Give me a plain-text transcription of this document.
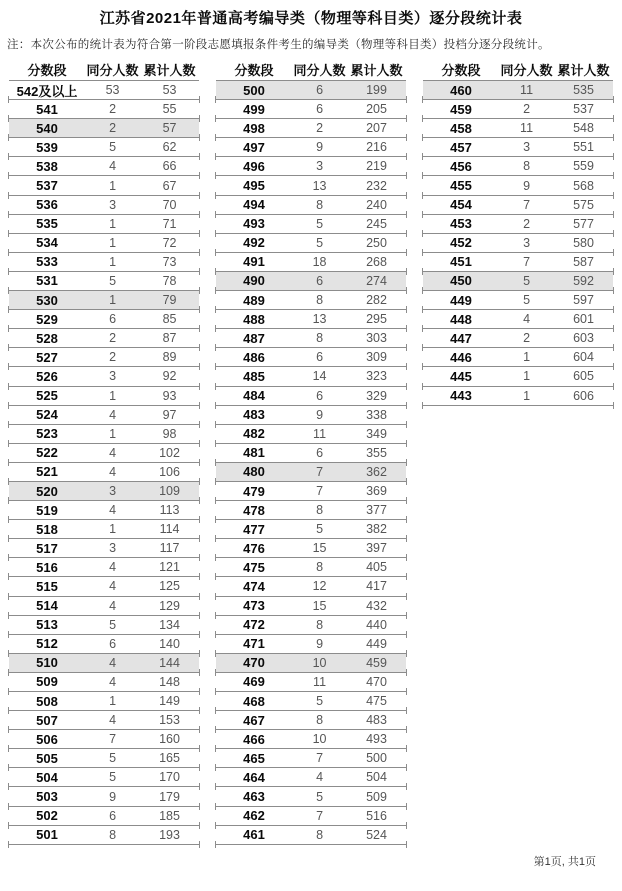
江苏省2021年普通高考编导类（物理等科目类）逐分段统计表
注：本次公布的统计表为符合第一阶段志愿填报条件考生的编导类（物理等科目类）投档分逐分段统计。
分数段	同分人数 累计人数
542及以上	53	53
541	2	55
540	2	57
539	5	62
538	4	66
537	1	67
536	3	70
535	1	71
534	1	72
533	1	73
531	5	78
530	1	79
529	6	85
528	2	87
527	2	89
526	3	92
525	1	93
524	4	97
523	1	98
522	4	102
521	4	106
520	3	109
519	4	113
518	1	114
517	3	117
516	4	121
515	4	125
514	4	129
513	5	134
512	6	140
510	4	144
509	4	148
508	1	149
507	4	153
506	7	160
505	5	165
504	5	170
503	9	179
502	6	185
501	8	193
分数段	同分人数 累计人数
500	6	199
499	6	205
498	2	207
497	9	216
496	3	219
495	13	232
494	8	240
493	5	245
492	5	250
491	18	268
490	6	274
489	8	282
488	13	295
487	8	303
486	6	309
485	14	323
484	6	329
483	9	338
482	11	349
481	6	355
480	7	362
479	7	369
478	8	377
477	5	382
476	15	397
475	8	405
474	12	417
473	15	432
472	8	440
471	9	449
470	10	459
469	11	470
468	5	475
467	8	483
466	10	493
465	7	500
464	4	504
463	5	509
462	7	516
461	8	524
分数段	同分人数 累计人数
460	11	535
459	2	537
458	11	548
457	3	551
456	8	559
455	9	568
454	7	575
453	2	577
452	3	580
451	7	587
450	5	592
449	5	597
448	4	601
447	2	603
446	1	604
445	1	605
443	1	606
第1页, 共1页
